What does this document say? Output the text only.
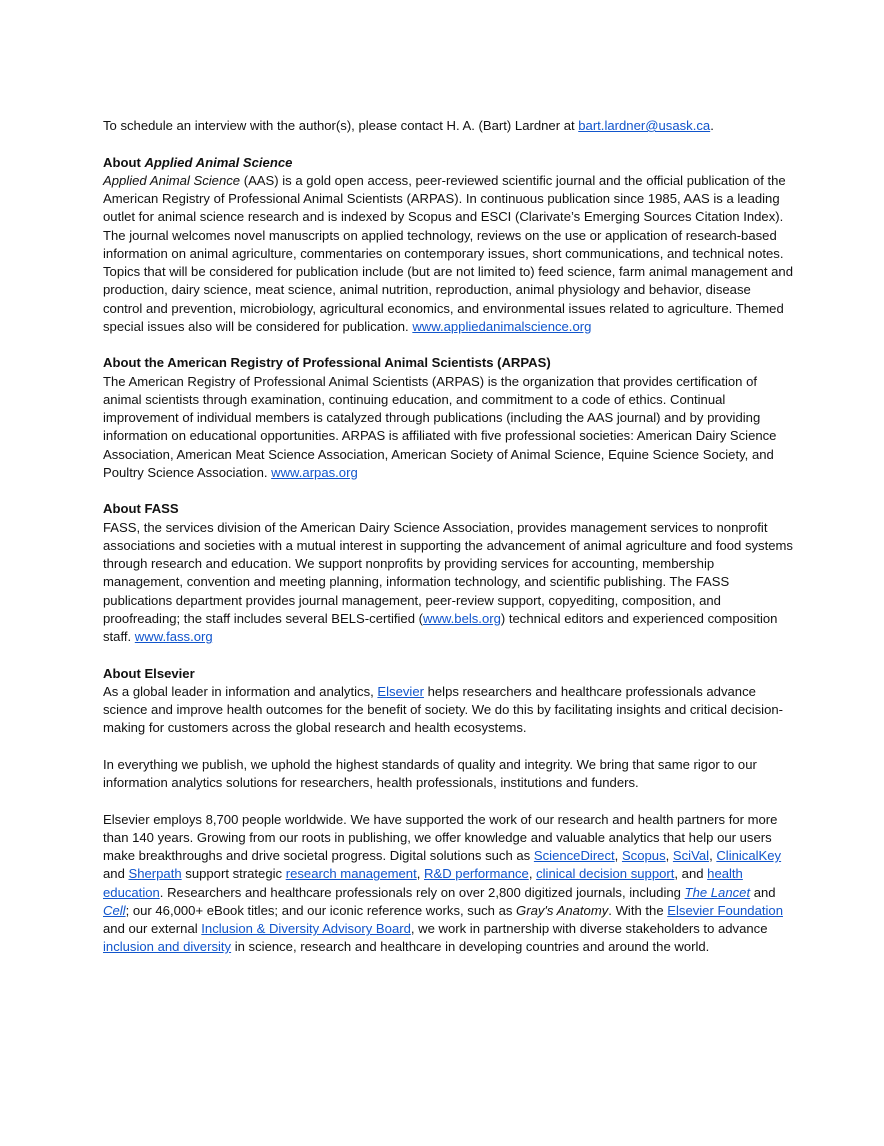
To schedule an interview with the author(s), please contact H. A. (Bart) Lardner at bart.lardner@usask.ca.

About Applied Animal Science

Applied Animal Science (AAS) is a gold open access, peer-reviewed scientific journal and the official publication of the American Registry of Professional Animal Scientists (ARPAS). In continuous publication since 1985, AAS is a leading outlet for animal science research and is indexed by Scopus and ESCI (Clarivate’s Emerging Sources Citation Index). The journal welcomes novel manuscripts on applied technology, reviews on the use or application of research-based information on animal agriculture, commentaries on contemporary issues, short communications, and technical notes. Topics that will be considered for publication include (but are not limited to) feed science, farm animal management and production, dairy science, meat science, animal nutrition, reproduction, animal physiology and behavior, disease control and prevention, microbiology, agricultural economics, and environmental issues related to agriculture. Themed special issues also will be considered for publication. www.appliedanimalscience.org

About the American Registry of Professional Animal Scientists (ARPAS)

The American Registry of Professional Animal Scientists (ARPAS) is the organization that provides certification of animal scientists through examination, continuing education, and commitment to a code of ethics. Continual improvement of individual members is catalyzed through publications (including the AAS journal) and by providing information on educational opportunities. ARPAS is affiliated with five professional societies: American Dairy Science Association, American Meat Science Association, American Society of Animal Science, Equine Science Society, and Poultry Science Association. www.arpas.org

About FASS

FASS, the services division of the American Dairy Science Association, provides management services to nonprofit associations and societies with a mutual interest in supporting the advancement of animal agriculture and food systems through research and education. We support nonprofits by providing services for accounting, membership management, convention and meeting planning, information technology, and scientific publishing. The FASS publications department provides journal management, peer-review support, copyediting, composition, and proofreading; the staff includes several BELS-certified (www.bels.org) technical editors and experienced composition staff. www.fass.org

About Elsevier

As a global leader in information and analytics, Elsevier helps researchers and healthcare professionals advance science and improve health outcomes for the benefit of society. We do this by facilitating insights and critical decision-making for customers across the global research and health ecosystems.

In everything we publish, we uphold the highest standards of quality and integrity. We bring that same rigor to our information analytics solutions for researchers, health professionals, institutions and funders.

Elsevier employs 8,700 people worldwide. We have supported the work of our research and health partners for more than 140 years. Growing from our roots in publishing, we offer knowledge and valuable analytics that help our users make breakthroughs and drive societal progress. Digital solutions such as ScienceDirect, Scopus, SciVal, ClinicalKey and Sherpath support strategic research management, R&D performance, clinical decision support, and health education. Researchers and healthcare professionals rely on over 2,800 digitized journals, including The Lancet and Cell; our 46,000+ eBook titles; and our iconic reference works, such as Gray's Anatomy. With the Elsevier Foundation and our external Inclusion & Diversity Advisory Board, we work in partnership with diverse stakeholders to advance inclusion and diversity in science, research and healthcare in developing countries and around the world.
